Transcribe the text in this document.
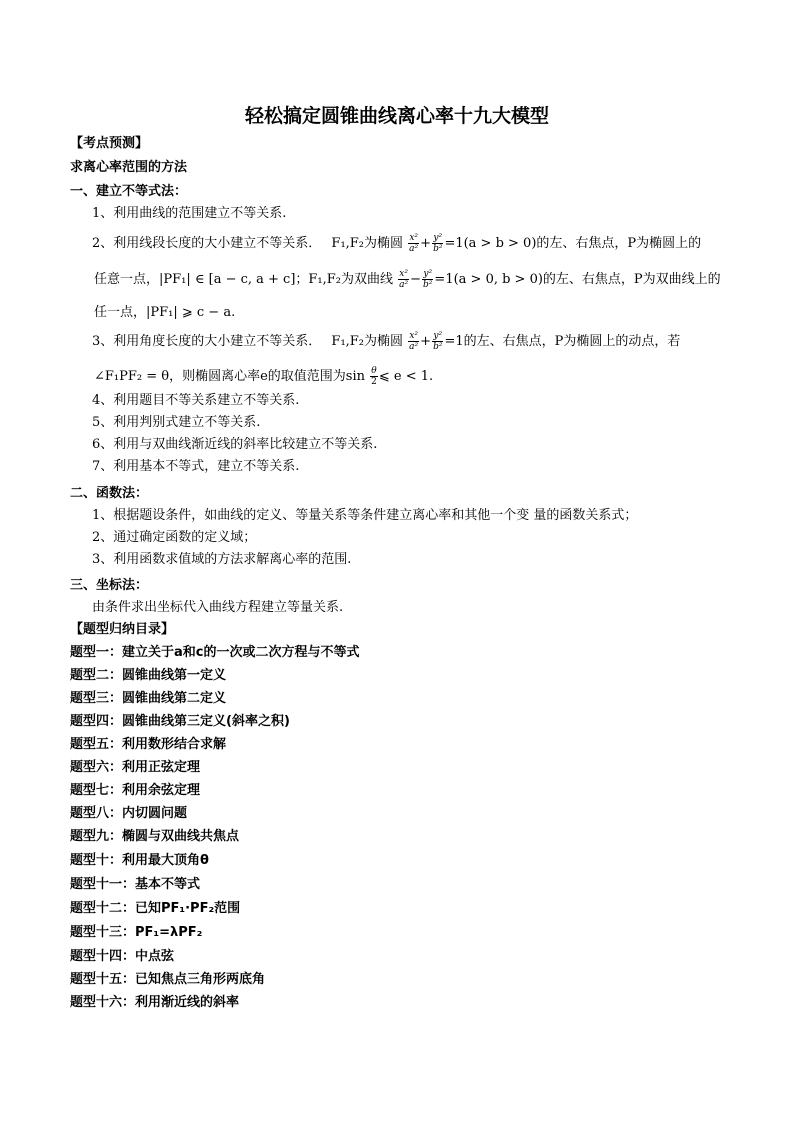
轻松搞定圆锥曲线离心率十九大模型
【考点预测】
求离心率范围的方法
一、建立不等式法：
1、利用曲线的范围建立不等关系.
2、利用线段长度的大小建立不等关系． F₁,F₂为椭圆 $\frac{\text{x²}}{\text{a²}} + \frac{\text{y²}}{\text{b²}} =1(a > b > 0)$的左、右焦点，P为椭圆上的
任意一点，|PF₁| ∈ [a − c, a + c]；F₁,F₂为双曲线 $\frac{\text{x²}}{\text{a²}} - \frac{\text{y²}}{\text{b²}} =1(a > 0$, b > 0)的左、右焦点，P为双曲线上的
任一点，|PF₁| ⩾ c − a.
3、利用角度长度的大小建立不等关系． F₁,F₂为椭圆 $\frac{\text{x²}}{\text{a²}} + \frac{\text{y²}}{\text{b²}} =1$的左、右焦点，P为椭圆上的动点，若
∠F₁PF₂ = θ，则椭圆离心率e的取值范围为$\sin \frac{\theta}{2}$ ⩽ e < 1.
4、利用题目不等关系建立不等关系.
5、利用判别式建立不等关系.
6、利用与双曲线渐近线的斜率比较建立不等关系.
7、利用基本不等式，建立不等关系.
二、函数法：
1、根据题设条件，如曲线的定义、等量关系等条件建立离心率和其他一个变 量的函数关系式；
2、通过确定函数的定义域；
3、利用函数求值域的方法求解离心率的范围.
三、坐标法：
由条件求出坐标代入曲线方程建立等量关系.
【题型归纳目录】
题型一：建立关于a和c的一次或二次方程与不等式
题型二：圆锥曲线第一定义
题型三：圆锥曲线第二定义
题型四：圆锥曲线第三定义(斜率之积)
题型五：利用数形结合求解
题型六：利用正弦定理
题型七：利用余弦定理
题型八：内切圆问题
题型九：椭圆与双曲线共焦点
题型十：利用最大顶角θ
题型十一：基本不等式
题型十二：已知PF₁·PF₂范围
题型十三：PF₁=λPF₂
题型十四：中点弦
题型十五：已知焦点三角形两底角
题型十六：利用渐近线的斜率
